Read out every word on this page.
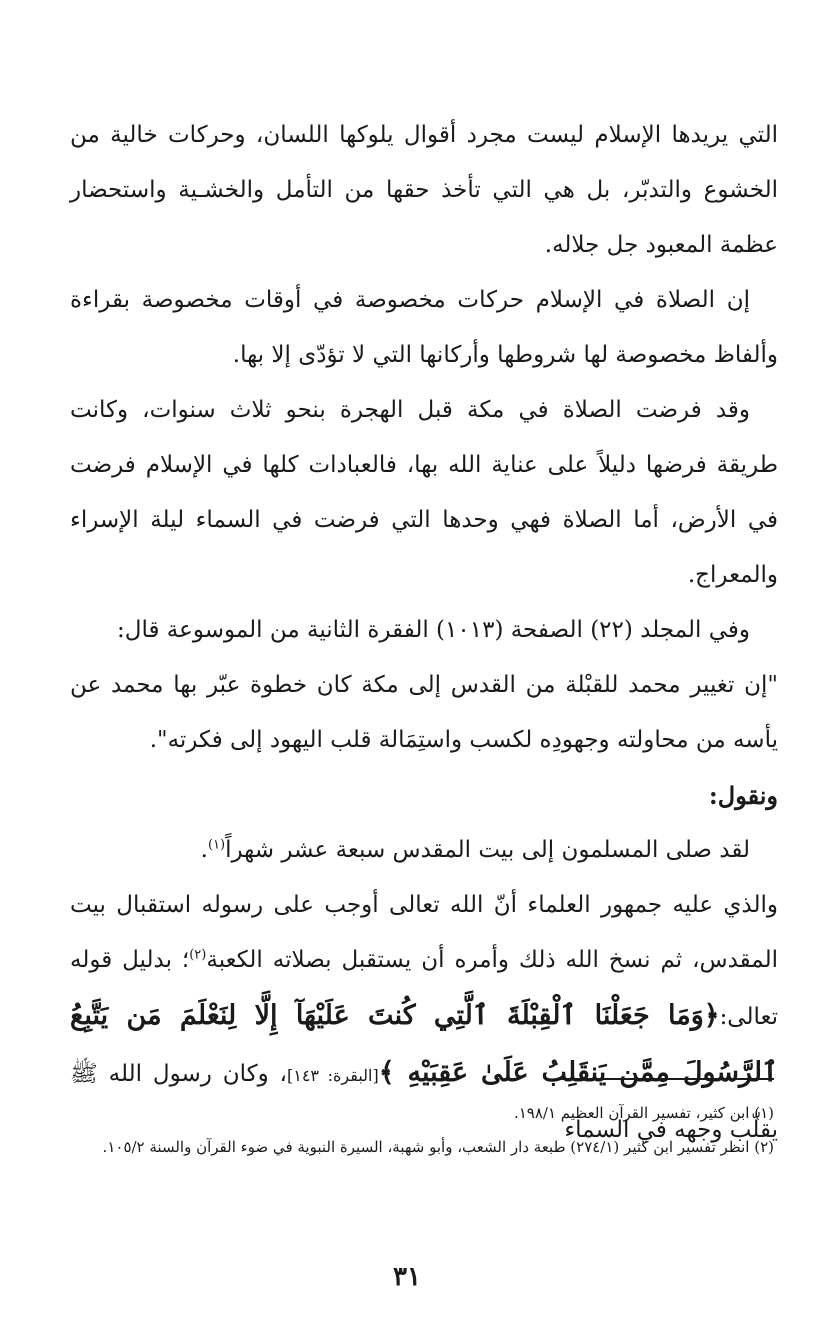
التي يريدها الإسلام ليست مجرد أقوال يلوكها اللسان، وحركات خالية من الخشوع والتدبّر، بل هي التي تأخذ حقها من التأمل والخشـية واستحضار عظمة المعبود جل جلاله.

إن الصلاة في الإسلام حركات مخصوصة في أوقات مخصوصة بقراءة وألفاظ مخصوصة لها شروطها وأركانها التي لا تؤدّى إلا بها.

وقد فرضت الصلاة في مكة قبل الهجرة بنحو ثلاث سنوات، وكانت طريقة فرضها دليلاً على عناية الله بها، فالعبادات كلها في الإسلام فرضت في الأرض، أما الصلاة فهي وحدها التي فرضت في السماء ليلة الإسراء والمعراج.

وفي المجلد (٢٢) الصفحة (١٠١٣) الفقرة الثانية من الموسوعة قال:

"إن تغيير محمد للقبْلة من القدس إلى مكة كان خطوة عبّر بها محمد عن يأسه من محاولته وجهودِه لكسب واستِمَالة قلب اليهود إلى فكرته".

ونقول:

لقد صلى المسلمون إلى بيت المقدس سبعة عشر شهراً$^{(١)}$.

والذي عليه جمهور العلماء أنّ الله تعالى أوجب على رسوله استقبال بيت المقدس، ثم نسخ الله ذلك وأمره أن يستقبل بصلاته الكعبة$^{(٢)}$؛ بدليل قوله تعالى:﴿وَمَا جَعَلْنَا ٱلْقِبْلَةَ ٱلَّتِي كُنتَ عَلَيْهَآ إِلَّا لِنَعْلَمَ مَن يَتَّبِعُ ٱلرَّسُولَ مِمَّن يَنقَلِبُ عَلَىٰ عَقِبَيْهِ ﴾[البقرة: ١٤٣]، وكان رسول الله ﷺ يقلّب وجهه في السماء

(١) ابن كثير، تفسير القرآن العظيم ١٩٨/١.

(٢) انظر تفسير ابن كثير (٢٧٤/١) طبعة دار الشعب، وأبو شهبة، السيرة النبوية في ضوء القرآن والسنة ١٠٥/٢.

٣١
